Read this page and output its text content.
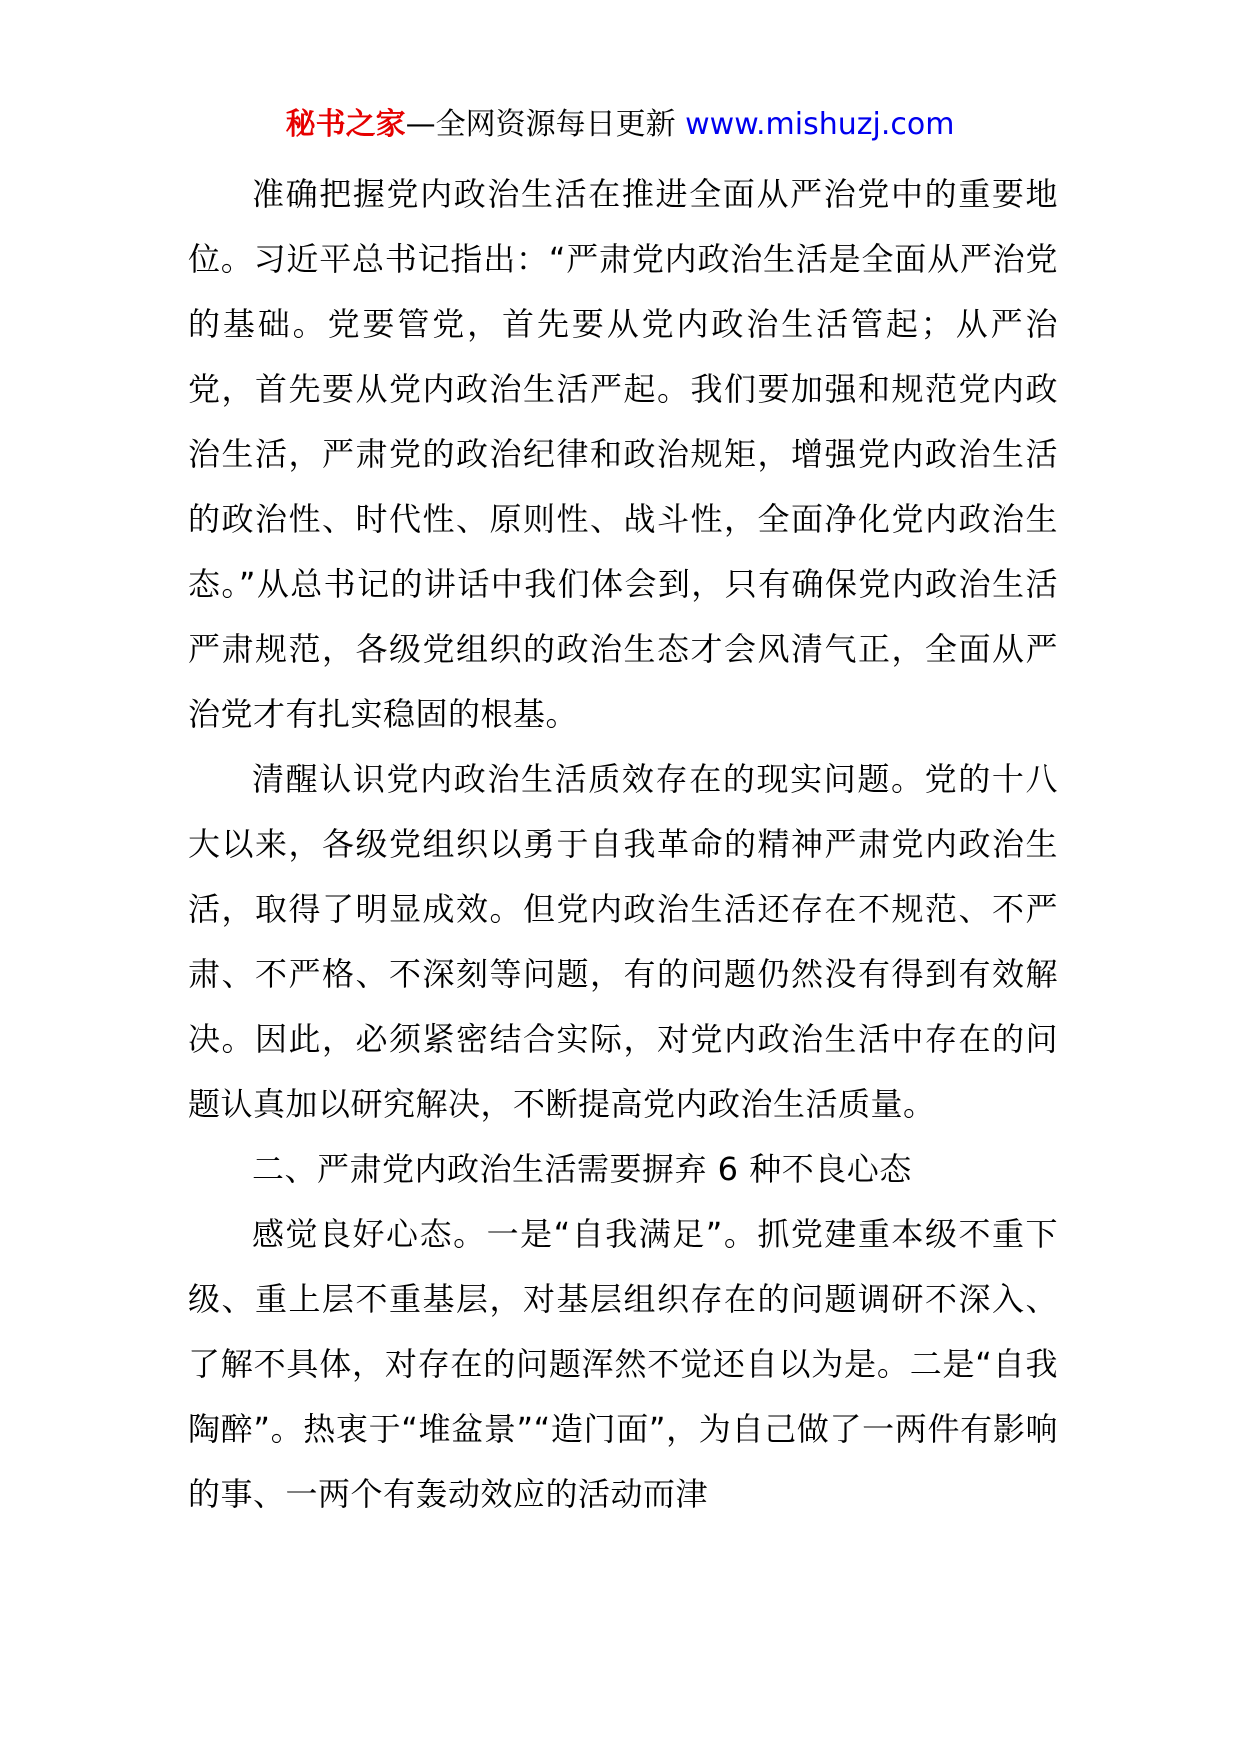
秘书之家—全网资源每日更新 www.mishuzj.com

准确把握党内政治生活在推进全面从严治党中的重要地位。习近平总书记指出：“严肃党内政治生活是全面从严治党的基础。党要管党，首先要从党内政治生活管起；从严治党，首先要从党内政治生活严起。我们要加强和规范党内政治生活，严肃党的政治纪律和政治规矩，增强党内政治生活的政治性、时代性、原则性、战斗性，全面净化党内政治生态。”从总书记的讲话中我们体会到，只有确保党内政治生活严肃规范，各级党组织的政治生态才会风清气正，全面从严治党才有扎实稳固的根基。

清醒认识党内政治生活质效存在的现实问题。党的十八大以来，各级党组织以勇于自我革命的精神严肃党内政治生活，取得了明显成效。但党内政治生活还存在不规范、不严肃、不严格、不深刻等问题，有的问题仍然没有得到有效解决。因此，必须紧密结合实际，对党内政治生活中存在的问题认真加以研究解决，不断提高党内政治生活质量。

二、严肃党内政治生活需要摒弃 6 种不良心态

感觉良好心态。一是“自我满足”。抓党建重本级不重下级、重上层不重基层，对基层组织存在的问题调研不深入、了解不具体，对存在的问题浑然不觉还自以为是。二是“自我陶醉”。热衷于“堆盆景”“造门面”，为自己做了一两件有影响的事、一两个有轰动效应的活动而津
